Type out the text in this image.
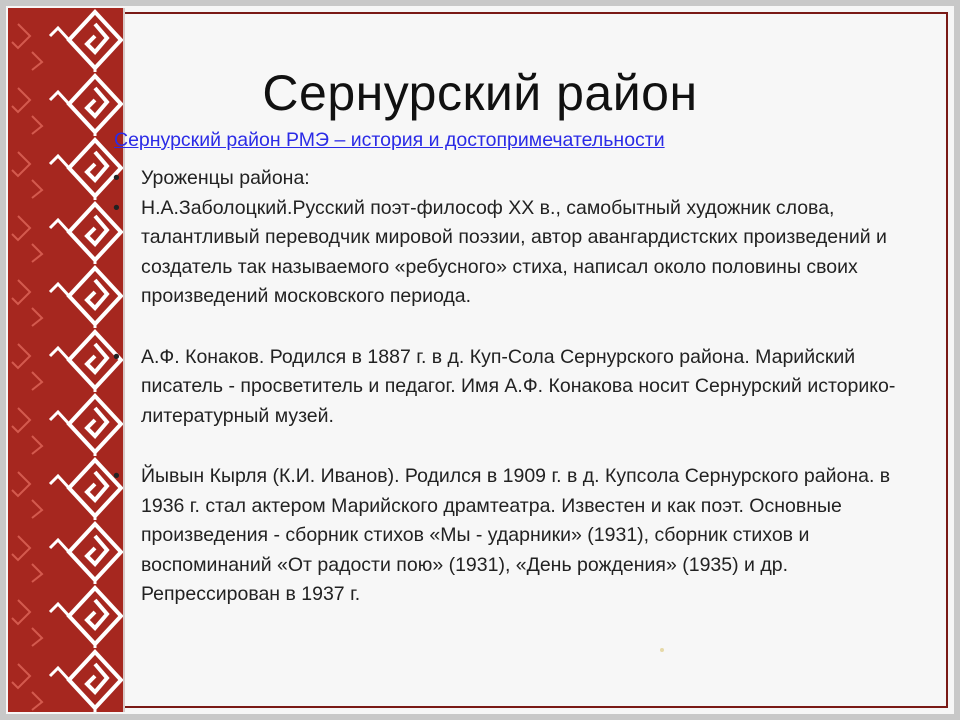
Сернурский район
Сернурский район РМЭ – история и достопримечательности
• Уроженцы района:
• Н.А.Заболоцкий.Русский поэт-философ ХХ в., самобытный художник слова, талантливый переводчик мировой поэзии, автор авангардистских произведений и создатель так называемого «ребусного» стиха, написал около половины своих произведений московского периода.
• А.Ф. Конаков. Родился в 1887 г. в д. Куп-Сола Сернурского района. Марийский писатель - просветитель и педагог. Имя А.Ф. Конакова носит Сернурский историко-литературный музей.
• Йывын Кырля (К.И. Иванов). Родился в 1909 г. в д. Купсола Сернурского района. в 1936 г. стал актером Марийского драмтеатра. Известен и как поэт. Основные произведения - сборник стихов «Мы - ударники» (1931), сборник стихов и воспоминаний «От радости пою» (1931), «День рождения» (1935) и др. Репрессирован в 1937 г.
